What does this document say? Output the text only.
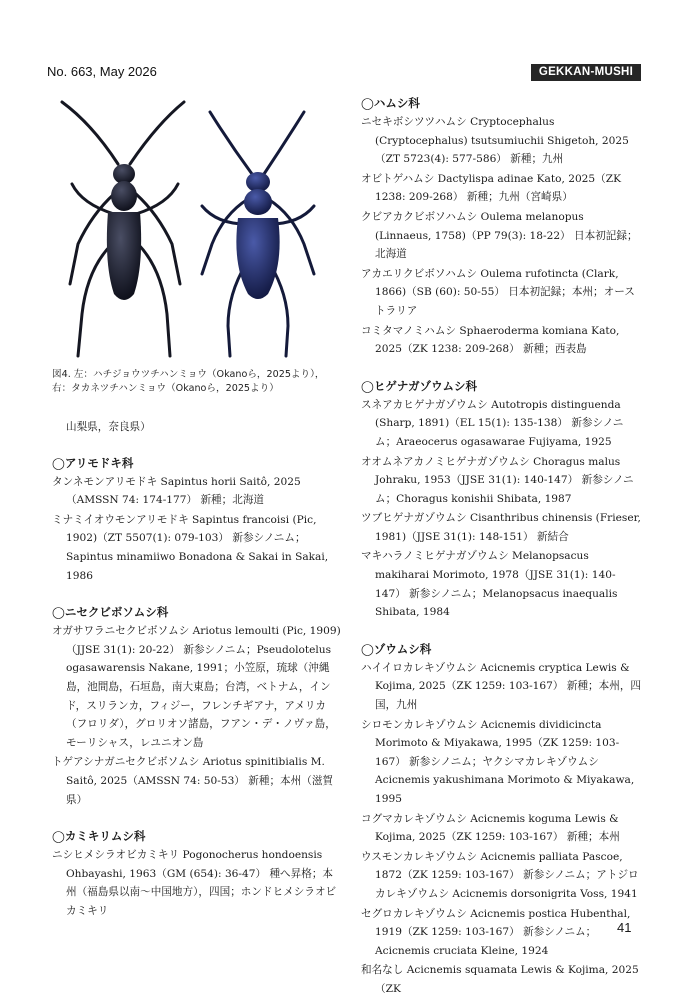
No. 663, May 2026	GEKKAN-MUSHI
図4. 左：ハチジョウツチハンミョウ（Okanoら，2025より），
右：タカネツチハンミョウ（Okanoら，2025より）

山梨県，奈良県）

◯アリモドキ科

タンネモンアリモドキ Sapintus horii Saitô, 2025（AMSSN 74: 174-177） 新種；北海道

ミナミイオウモンアリモドキ Sapintus francoisi (Pic, 1902)（ZT 5507(1): 079-103） 新参シノニム；Sapintus minamiiwo Bonadona & Sakai in Sakai, 1986

◯ニセクビボソムシ科

オガサワラニセクビボソムシ Ariotus lemoulti (Pic, 1909)（JJSE 31(1): 20-22） 新参シノニム；Pseudolotelus ogasawarensis Nakane, 1991；小笠原，琉球（沖縄島，池間島，石垣島，南大東島；台湾，ベトナム，インド，スリランカ，フィジー，フレンチギアナ，アメリカ（フロリダ），グロリオソ諸島，フアン・デ・ノヴァ島，モーリシャス，レユニオン島

トゲアシナガニセクビボソムシ Ariotus spinitibialis M. Saitô, 2025（AMSSN 74: 50-53） 新種；本州（滋賀県）

◯カミキリムシ科

ニシヒメシラオビカミキリ Pogonocherus hondoensis Ohbayashi, 1963（GM (654): 36-47） 種へ昇格；本州（福島県以南～中国地方），四国；ホンドヒメシラオビカミキリ

◯ハムシ科

ニセキボシツツハムシ Cryptocephalus (Cryptocephalus) tsutsumiuchii Shigetoh, 2025（ZT 5723(4): 577-586） 新種；九州

オビトゲハムシ Dactylispa adinae Kato, 2025（ZK 1238: 209-268） 新種；九州（宮崎県）

クビアカクビボソハムシ Oulema melanopus (Linnaeus, 1758)（PP 79(3): 18-22） 日本初記録；北海道

アカエリクビボソハムシ Oulema rufotincta (Clark, 1866)（SB (60): 50-55） 日本初記録；本州；オーストラリア

コミタマノミハムシ Sphaeroderma komiana Kato, 2025（ZK 1238: 209-268） 新種；西表島

◯ヒゲナガゾウムシ科

スネアカヒゲナガゾウムシ Autotropis distinguenda (Sharp, 1891)（EL 15(1): 135-138） 新参シノニム；Araeocerus ogasawarae Fujiyama, 1925

オオムネアカノミヒゲナガゾウムシ Choragus malus Johraku, 1953（JJSE 31(1): 140-147） 新参シノニム；Choragus konishii Shibata, 1987

ツブヒゲナガゾウムシ Cisanthribus chinensis (Frieser, 1981)（JJSE 31(1): 148-151） 新結合

マキハラノミヒゲナガゾウムシ Melanopsacus makiharai Morimoto, 1978（JJSE 31(1): 140-147） 新参シノニム；Melanopsacus inaequalis Shibata, 1984

◯ゾウムシ科

ハイイロカレキゾウムシ Acicnemis cryptica Lewis & Kojima, 2025（ZK 1259: 103-167） 新種；本州，四国，九州

シロモンカレキゾウムシ Acicnemis dividicincta Morimoto & Miyakawa, 1995（ZK 1259: 103-167） 新参シノニム；ヤクシマカレキゾウムシ Acicnemis yakushimana Morimoto & Miyakawa, 1995

コグマカレキゾウムシ Acicnemis koguma Lewis & Kojima, 2025（ZK 1259: 103-167） 新種；本州

ウスモンカレキゾウムシ Acicnemis palliata Pascoe, 1872（ZK 1259: 103-167） 新参シノニム；アトジロカレキゾウムシ Acicnemis dorsonigrita Voss, 1941

セグロカレキゾウムシ Acicnemis postica Hubenthal, 1919（ZK 1259: 103-167） 新参シノニム；Acicnemis cruciata Kleine, 1924

和名なし Acicnemis squamata Lewis & Kojima, 2025（ZK

41
